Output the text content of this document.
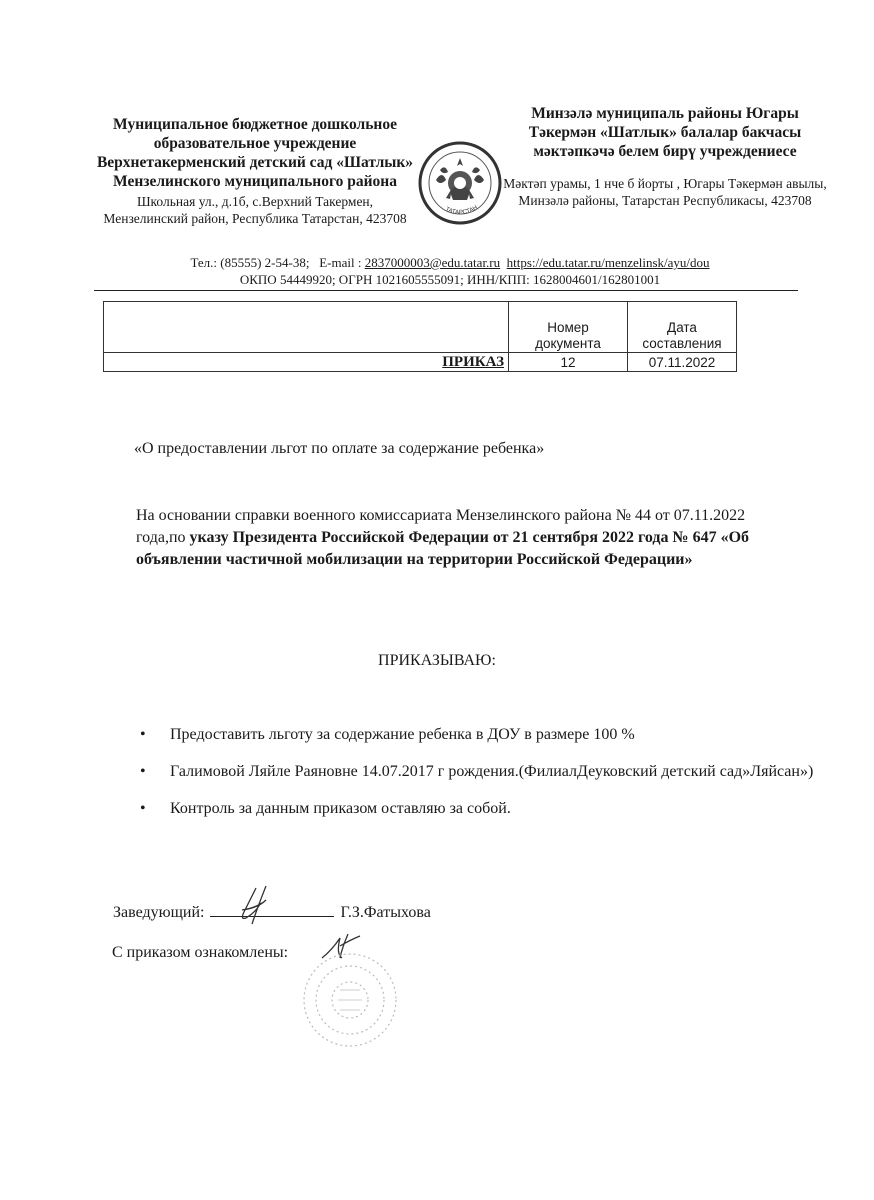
Муниципальное бюджетное дошкольное образовательное учреждение Верхнетакерменский детский сад «Шатлык» Мензелинского муниципального района
Школьная ул., д.1б, с.Верхний Такермен, Мензелинский район, Республика Татарстан, 423708
ТАТАРСТАН
Минзәлә муниципаль районы Югары Тәкермән «Шатлык» балалар бакчасы мәктәпкәчә белем бирү учреждениесе
Мәктәп урамы, 1 нче б йорты , Югары Тәкермән авылы, Минзәлә районы, Татарстан Республикасы, 423708
Тел.: (85555) 2-54-38; E-mail : 2837000003@edu.tatar.ru https://edu.tatar.ru/menzelinsk/ayu/dou
ОКПО 54449920; ОГРН 1021605555091; ИНН/КПП: 1628004601/162801001
	Номер документа	Дата составления
ПРИКАЗ	12	07.11.2022
«О предоставлении льгот по оплате за содержание ребенка»
На основании справки военного комиссариата Мензелинского района № 44 от 07.11.2022 года,по указу Президента Российской Федерации от 21 сентября 2022 года № 647 «Об объявлении частичной мобилизации на территории Российской Федерации»
ПРИКАЗЫВАЮ:
• Предоставить льготу за содержание ребенка в ДОУ в размере 100 %
• Галимовой Ляйле Раяновне 14.07.2017 г рождения.(ФилиалДеуковский детский сад»Ляйсан»)
• Контроль за данным приказом оставляю за собой.
Заведующий:	Г.З.Фатыхова
С приказом ознакомлены:
